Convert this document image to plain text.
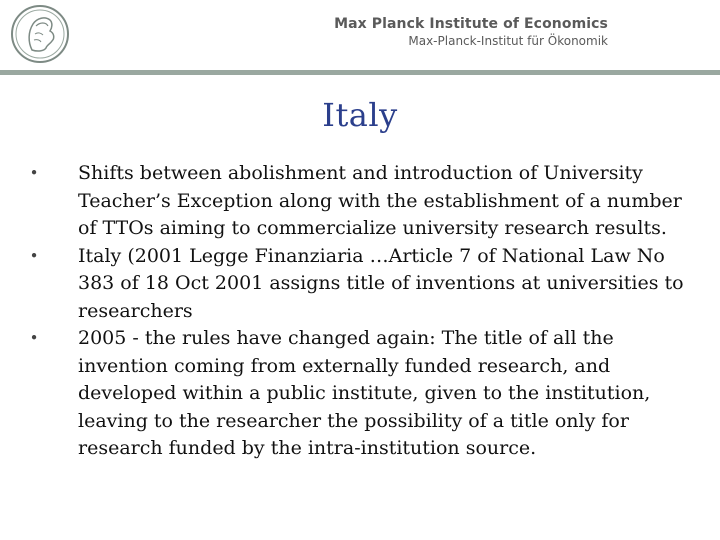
Max Planck Institute of Economics
Max-Planck-Institut für Ökonomik
Italy
• Shifts between abolishment and introduction of University Teacher’s Exception along with the establishment of a number of TTOs aiming to commercialize university research results.
• Italy (2001 Legge Finanziaria …Article 7 of National Law No 383 of 18 Oct 2001 assigns title of inventions at universities to researchers
• 2005 - the rules have changed again: The title of all the invention coming from externally funded research, and developed within a public institute, given to the institution, leaving to the researcher the possibility of a title only for research funded by the intra-institution source.
